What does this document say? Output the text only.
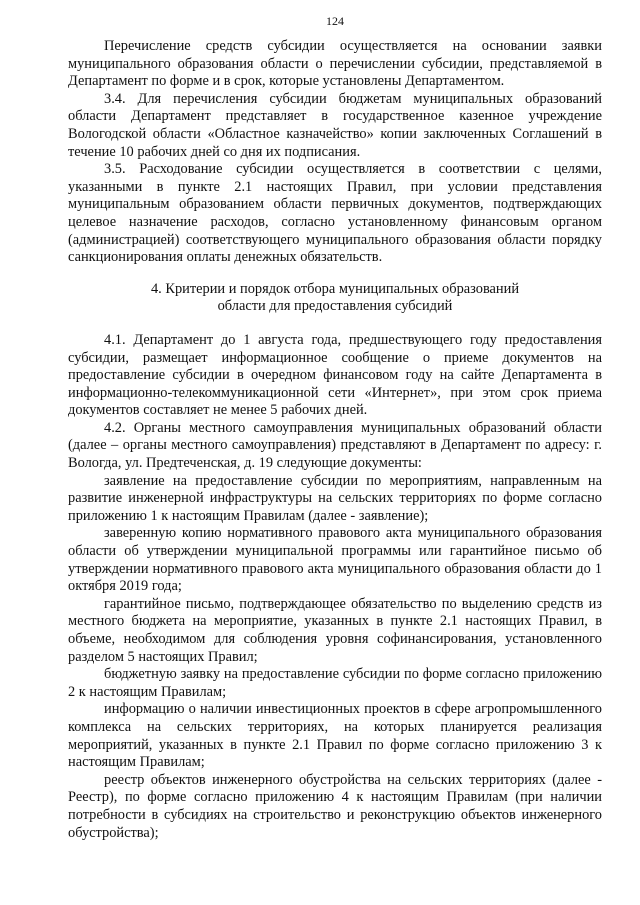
124

Перечисление средств субсидии осуществляется на основании заявки муниципального образования области о перечислении субсидии, представляемой в Департамент по форме и в срок, которые установлены Департаментом.

3.4. Для перечисления субсидии бюджетам муниципальных образований области Департамент представляет в государственное казенное учреждение Вологодской области «Областное казначейство» копии заключенных Соглашений в течение 10 рабочих дней со дня их подписания.

3.5. Расходование субсидии осуществляется в соответствии с целями, указанными в пункте 2.1 настоящих Правил, при условии представления муниципальным образованием области первичных документов, подтверждающих целевое назначение расходов, согласно установленному финансовым органом (администрацией) соответствующего муниципального образования области порядку санкционирования оплаты денежных обязательств.

4. Критерии и порядок отбора муниципальных образований
области для предоставления субсидий

4.1. Департамент до 1 августа года, предшествующего году предоставления субсидии, размещает информационное сообщение о приеме документов на предоставление субсидии в очередном финансовом году на сайте Департамента в информационно-телекоммуникационной сети «Интернет», при этом срок приема документов составляет не менее 5 рабочих дней.

4.2. Органы местного самоуправления муниципальных образований области (далее – органы местного самоуправления) представляют в Департамент по адресу: г. Вологда, ул. Предтеченская, д. 19 следующие документы:

заявление на предоставление субсидии по мероприятиям, направленным на развитие инженерной инфраструктуры на сельских территориях по форме согласно приложению 1 к настоящим Правилам (далее - заявление);

заверенную копию нормативного правового акта муниципального образования области об утверждении муниципальной программы или гарантийное письмо об утверждении нормативного правового акта муниципального образования области до 1 октября 2019 года;

гарантийное письмо, подтверждающее обязательство по выделению средств из местного бюджета на мероприятие, указанных в пункте 2.1 настоящих Правил, в объеме, необходимом для соблюдения уровня софинансирования, установленного разделом 5 настоящих Правил;

бюджетную заявку на предоставление субсидии по форме согласно приложению 2 к настоящим Правилам;

информацию о наличии инвестиционных проектов в сфере агропромышленного комплекса на сельских территориях, на которых планируется реализация мероприятий, указанных в пункте 2.1 Правил по форме согласно приложению 3 к настоящим Правилам;

реестр объектов инженерного обустройства на сельских территориях (далее - Реестр), по форме согласно приложению 4 к настоящим Правилам (при наличии потребности в субсидиях на строительство и реконструкцию объектов инженерного обустройства);
